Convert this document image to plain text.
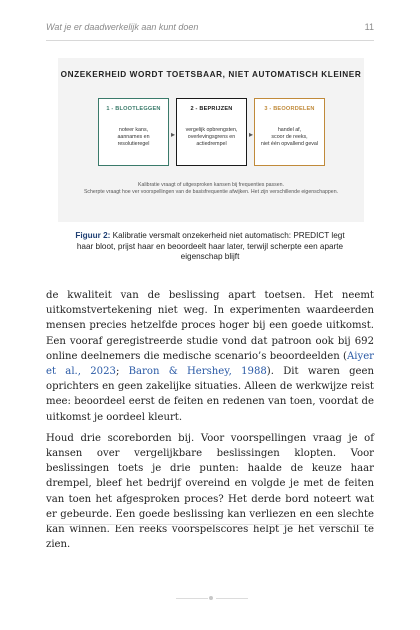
Wat je er daadwerkelijk aan kunt doen	11
ONZEKERHEID WORDT TOETSBAAR, NIET AUTOMATISCH KLEINER
1 - BLOOTLEGGEN
noteer kans,
aannames en
resolutieregel
▸
2 - BEPRIJZEN
vergelijk opbrengsten,
overlevingsgrens en
actiedrempel
▸
3 - BEOORDELEN
handel af,
scoor de reeks,
niet één opvallend geval
Kalibratie vraagt of uitgesproken kansen bij frequenties passen.
Scherpte vraagt hoe ver voorspellingen van de basisfrequentie afwijken. Het zijn verschillende eigenschappen.
Figuur 2: Kalibratie versmalt onzekerheid niet automatisch: PREDICT legt haar bloot, prijst haar en beoordeelt haar later, terwijl scherpte een aparte eigenschap blijft

de kwaliteit van de beslissing apart toetsen. Het neemt uitkomstvertekening niet weg. In experimenten waardeerden mensen precies hetzelfde proces hoger bij een goede uitkomst. Een vooraf geregistreerde studie vond dat patroon ook bij 692 online deelnemers die medische scenario’s beoordeelden (Aiyer et al., 2023; Baron & Hershey, 1988). Dit waren geen oprichters en geen zakelijke situaties. Alleen de werkwijze reist mee: beoordeel eerst de feiten en redenen van toen, voordat de uitkomst je oordeel kleurt.

Houd drie scoreborden bij. Voor voorspellingen vraag je of kansen over vergelijkbare beslissingen klopten. Voor beslissingen toets je drie punten: haalde de keuze haar drempel, bleef het bedrijf overeind en volgde je met de feiten van toen het afgesproken proces? Het derde bord noteert wat er gebeurde. Een goede beslissing kan verliezen en een slechte kan winnen. Een reeks voorspelscores helpt je het verschil te zien.
